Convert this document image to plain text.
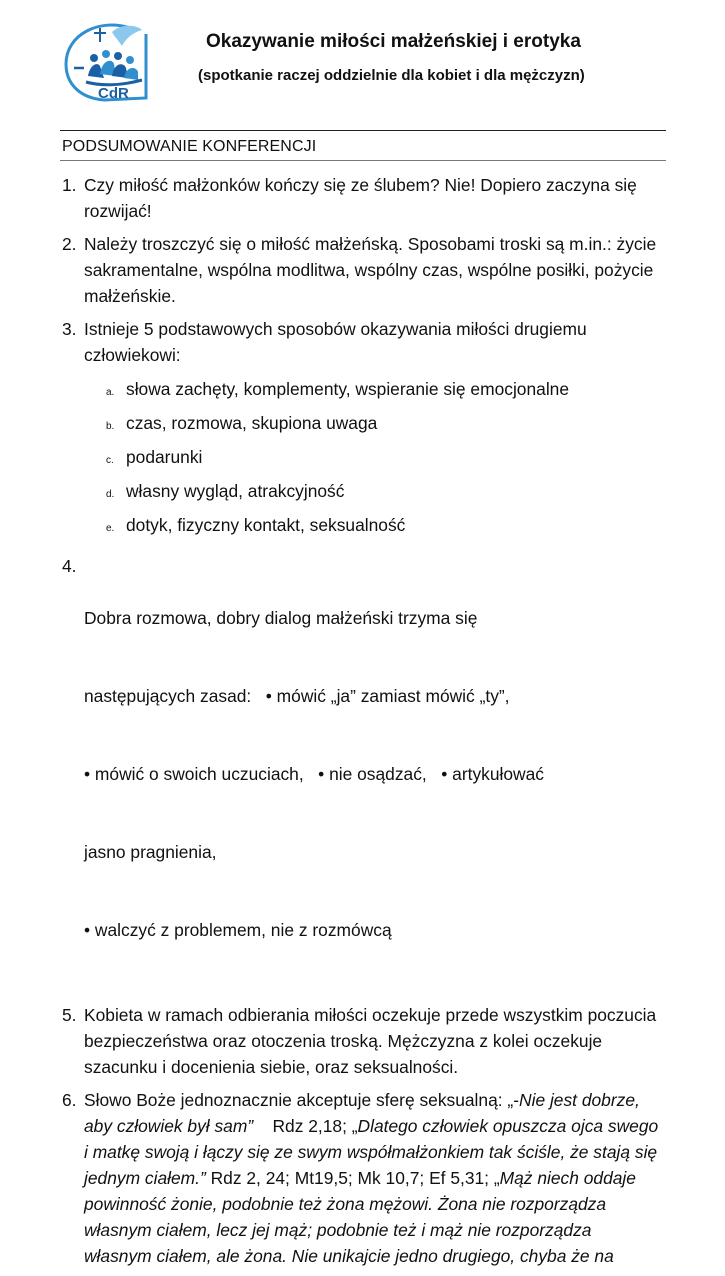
CdR
Okazywanie miłości małżeńskiej i erotyka
(spotkanie raczej oddzielnie dla kobiet i dla mężczyzn)
PODSUMOWANIE KONFERENCJI
1. Czy miłość małżonków kończy się ze ślubem? Nie! Dopiero zaczyna się rozwijać!
2. Należy troszczyć się o miłość małżeńską. Sposobami troski są m.in.: życie sakramentalne, wspólna modlitwa, wspólny czas, wspólne posiłki, pożycie małżeńskie.
3. Istnieje 5 podstawowych sposobów okazywania miłości drugiemu człowiekowi:
a. słowa zachęty, komplementy, wspieranie się emocjonalne
b. czas, rozmowa, skupiona uwaga
c. podarunki
d. własny wygląd, atrakcyjność
e. dotyk, fizyczny kontakt, seksualność
4.

Dobra rozmowa, dobry dialog małżeński trzyma się

następujących zasad:   • mówić „ja” zamiast mówić „ty”,

• mówić o swoich uczuciach,   • nie osądzać,   • artykułować

jasno pragnienia,

• walczyć z problemem, nie z rozmówcą

5. Kobieta w ramach odbierania miłości oczekuje przede wszystkim poczucia bezpieczeństwa oraz otoczenia troską. Mężczyzna z kolei oczekuje szacunku i docenienia siebie, oraz seksualności.
6. Słowo Boże jednoznacznie akceptuje sferę seksualną: „-Nie jest dobrze, aby człowiek był sam”    Rdz 2,18; „Dlatego człowiek opuszcza ojca swego i matkę swoją i łączy się ze swym współmałżonkiem tak ściśle, że stają się jednym ciałem.” Rdz 2, 24; Mt19,5; Mk 10,7; Ef 5,31; „Mąż niech oddaje powinność żonie, podobnie też żona mężowi. Żona nie rozporządza własnym ciałem, lecz jej mąż; podobnie też i mąż nie rozporządza własnym ciałem, ale żona. Nie unikajcie jedno drugiego, chyba że na
